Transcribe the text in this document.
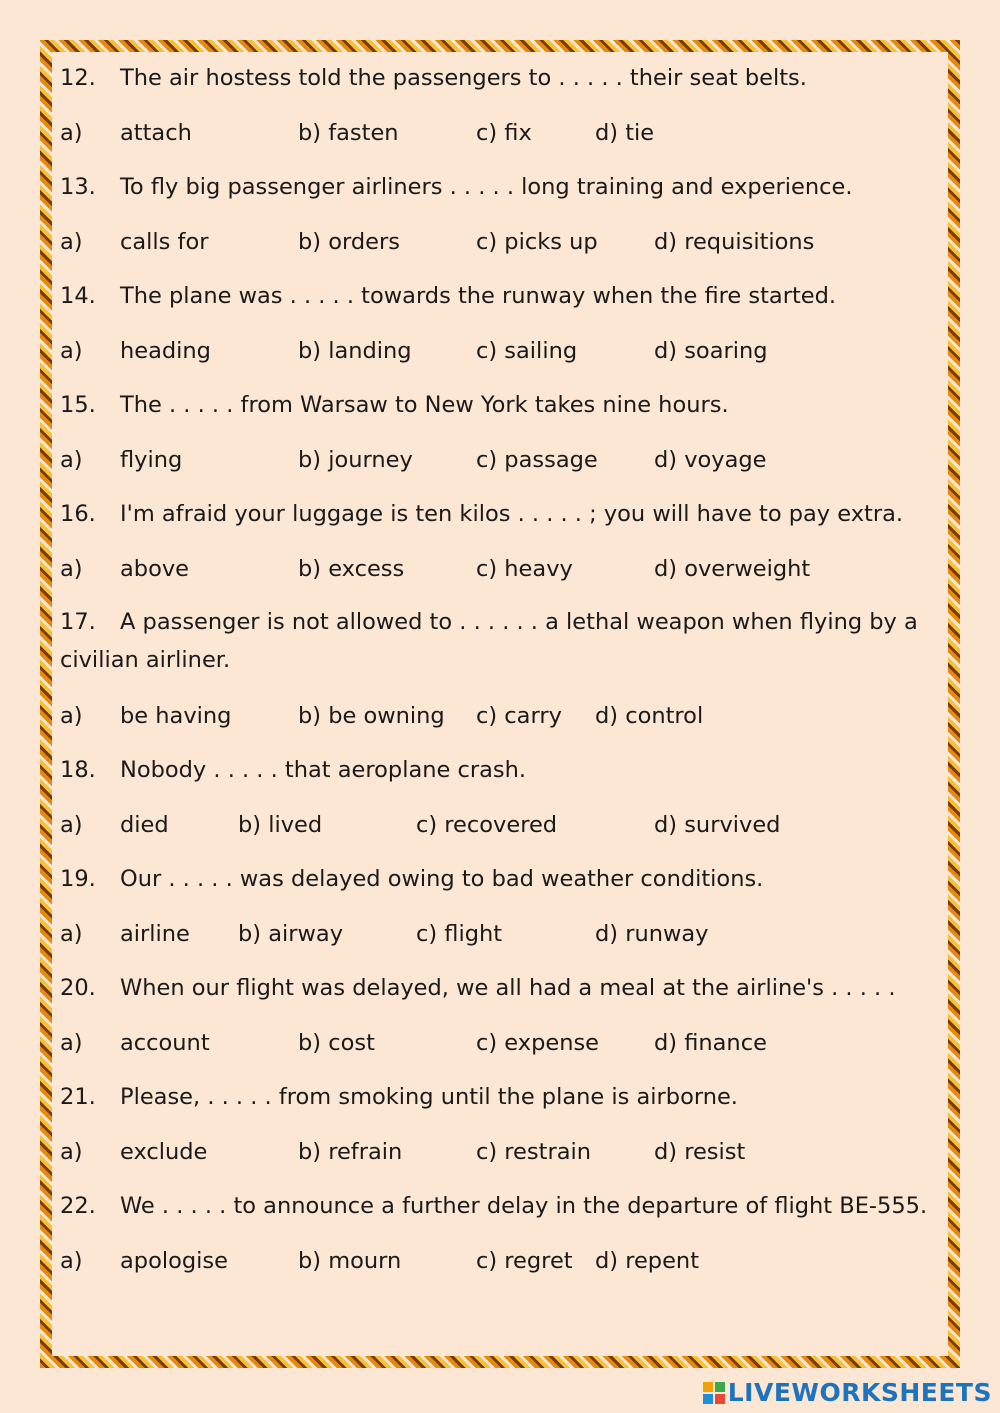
12. The air hostess told the passengers to . . . . . their seat belts.
a) attach	b) fasten	c) fix	d) tie
13. To fly big passenger airliners . . . . . long training and experience.
a) calls for	b) orders	c) picks up	d) requisitions
14. The plane was . . . . . towards the runway when the fire started.
a) heading	b) landing	c) sailing	d) soaring
15. The . . . . . from Warsaw to New York takes nine hours.
a) flying	b) journey	c) passage	d) voyage
16. I'm afraid your luggage is ten kilos . . . . . ; you will have to pay extra.
a) above	b) excess	c) heavy	d) overweight
17. A passenger is not allowed to . . . . . . a lethal weapon when flying by a civilian airliner.
a) be having	b) be owning c) carry d) control
18. Nobody . . . . . that aeroplane crash.
a) died	b) lived	c) recovered	d) survived
19. Our . . . . . was delayed owing to bad weather conditions.
a) airline b) airway	c) flight	d) runway
20. When our flight was delayed, we all had a meal at the airline's . . . . .
a) account	b) cost	c) expense d) finance
21. Please, . . . . . from smoking until the plane is airborne.
a) exclude	b) refrain	c) restrain	d) resist
22. We . . . . . to announce a further delay in the departure of flight BE-555.
a) apologise	b) mourn	c) regret d) repent
LIVEWORKSHEETS
